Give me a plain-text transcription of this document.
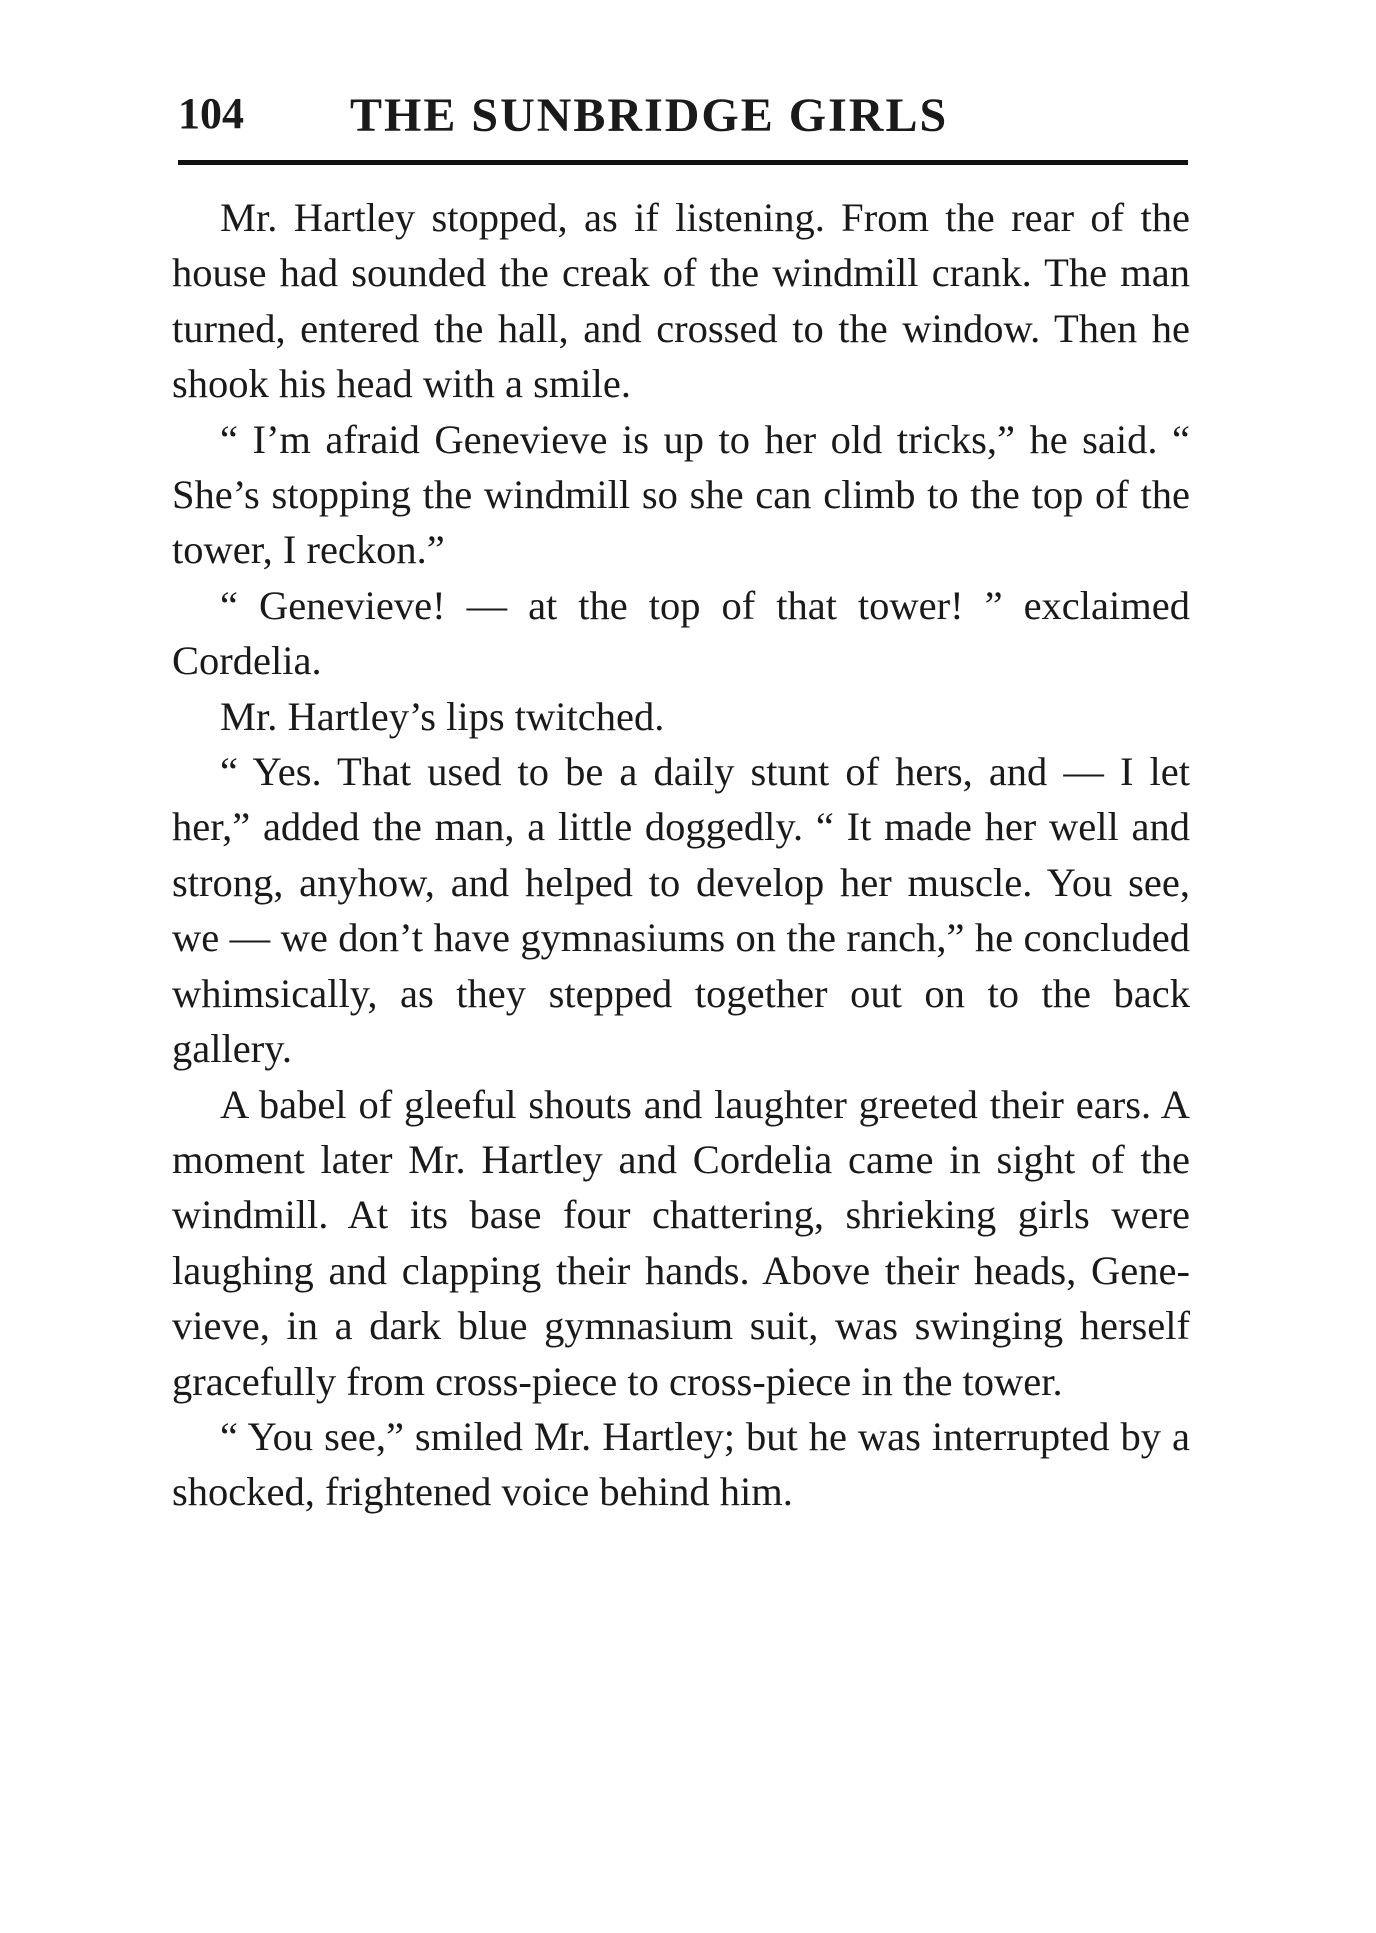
104 THE SUNBRIDGE GIRLS

Mr. Hartley stopped, as if listening. From the rear of the house had sounded the creak of the windmill crank. The man turned, entered the hall, and crossed to the window. Then he shook his head with a smile.

“ I’m afraid Genevieve is up to her old tricks,” he said. “ She’s stopping the windmill so she can climb to the top of the tower, I reckon.”

“ Genevieve! — at the top of that tower! ” exclaimed Cordelia.

Mr. Hartley’s lips twitched.

“ Yes. That used to be a daily stunt of hers, and — I let her,” added the man, a little doggedly. “ It made her well and strong, anyhow, and helped to develop her muscle. You see, we — we don’t have gymnasiums on the ranch,” he concluded whimsically, as they stepped together out on to the back gallery.

A babel of gleeful shouts and laughter greeted their ears. A moment later Mr. Hartley and Cordelia came in sight of the windmill. At its base four chattering, shrieking girls were laughing and clapping their hands. Above their heads, Genevieve, in a dark blue gymnasium suit, was swinging herself gracefully from cross-piece to cross-piece in the tower.

“ You see,” smiled Mr. Hartley; but he was interrupted by a shocked, frightened voice behind him.
